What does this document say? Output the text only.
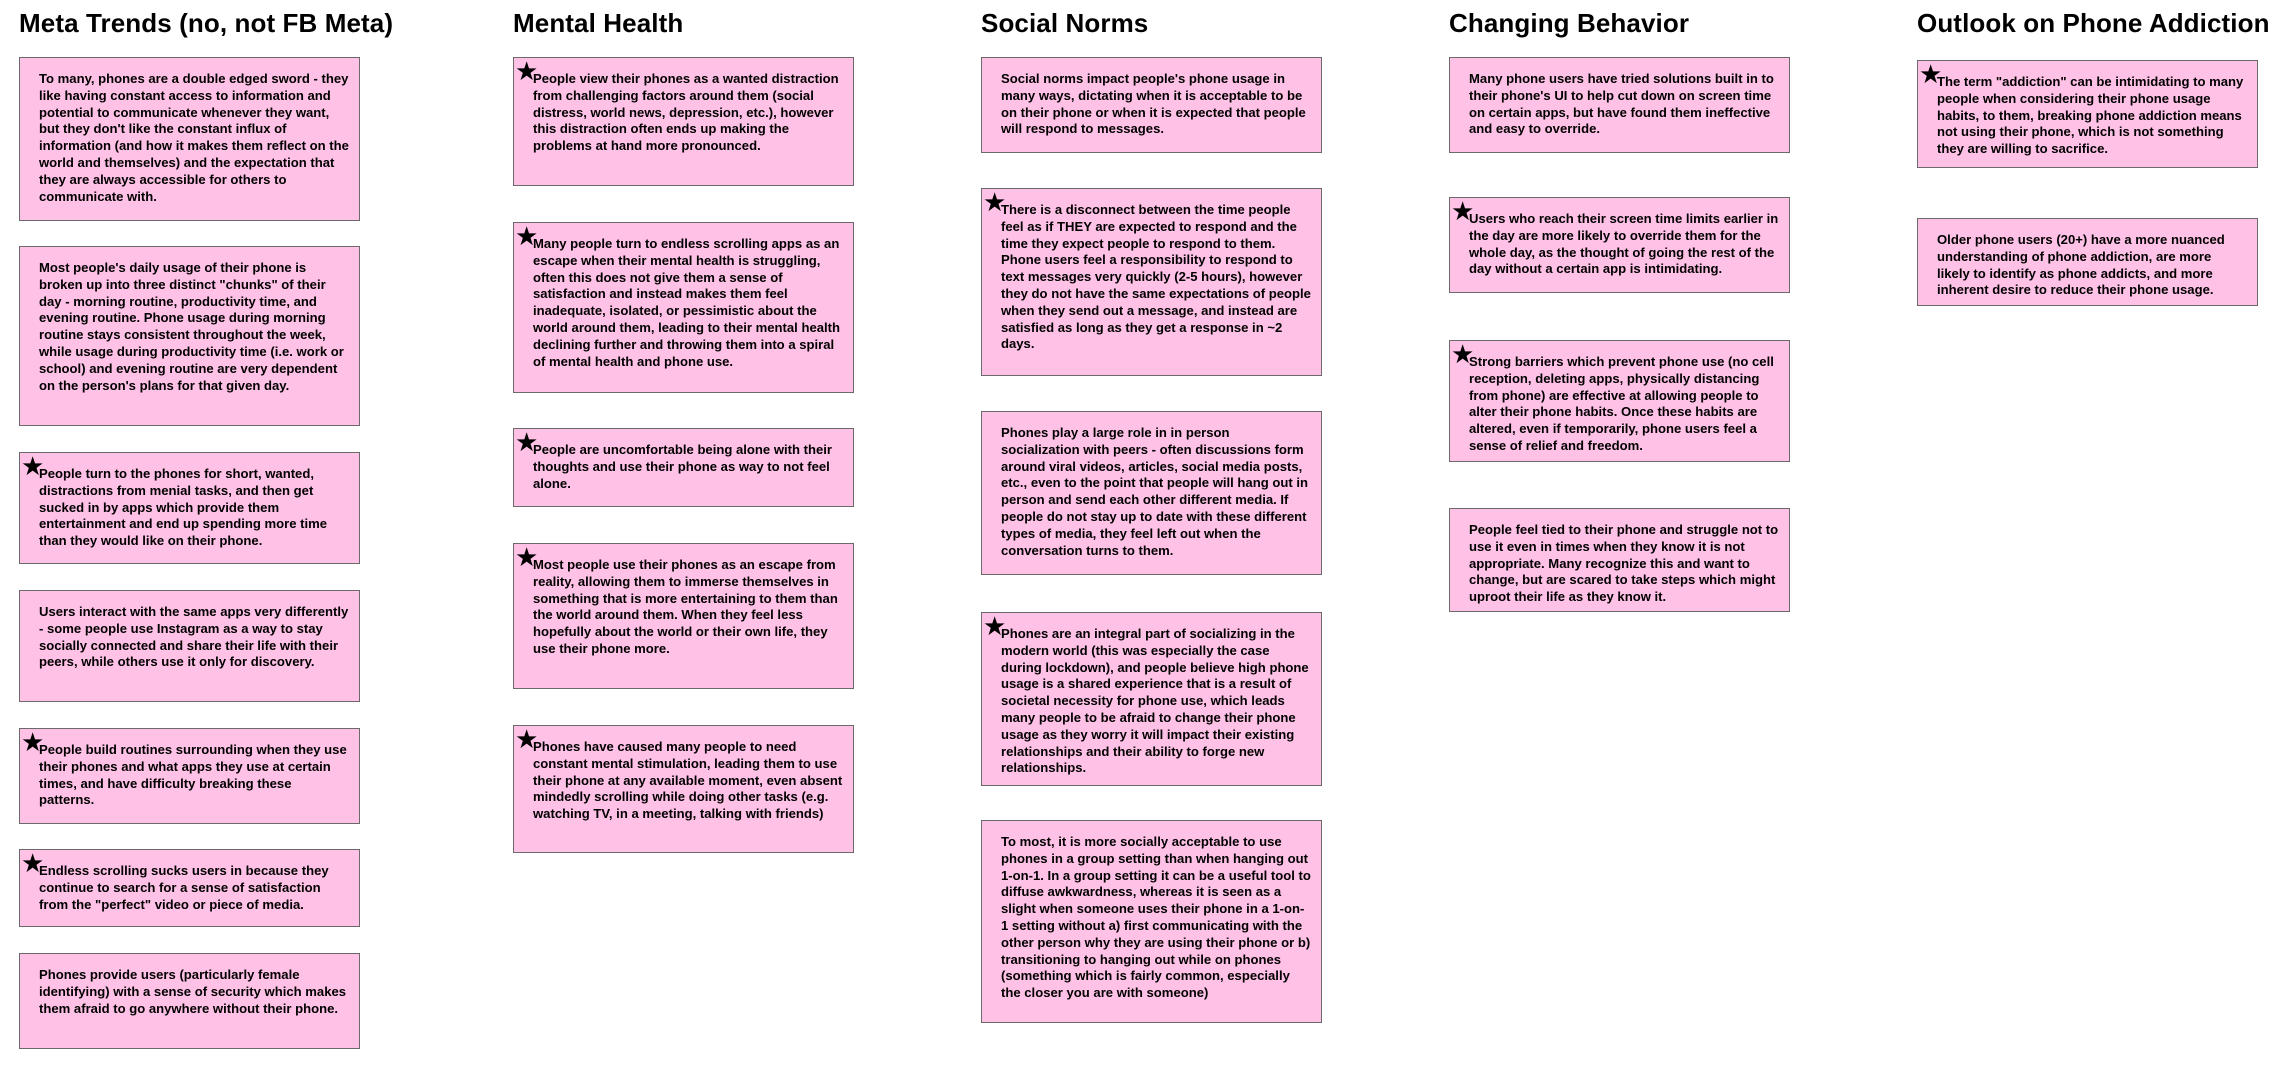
Meta Trends (no, not FB Meta)
To many, phones are a double edged sword - they like having constant access to information and potential to communicate whenever they want, but they don't like the constant influx of information (and how it makes them reflect on the world and themselves) and the expectation that they are always accessible for others to communicate with.
Most people's daily usage of their phone is broken up into three distinct "chunks" of their day - morning routine, productivity time, and evening routine. Phone usage during morning routine stays consistent throughout the week, while usage during productivity time (i.e. work or school) and evening routine are very dependent on the person's plans for that given day.
★
People turn to the phones for short, wanted, distractions from menial tasks, and then get sucked in by apps which provide them entertainment and end up spending more time than they would like on their phone.
Users interact with the same apps very differently - some people use Instagram as a way to stay socially connected and share their life with their peers, while others use it only for discovery.
★
People build routines surrounding when they use their phones and what apps they use at certain times, and have difficulty breaking these patterns.
★
Endless scrolling sucks users in because they continue to search for a sense of satisfaction from the "perfect" video or piece of media.
Phones provide users (particularly female identifying) with a sense of security which makes them afraid to go anywhere without their phone.
Mental Health
★
People view their phones as a wanted distraction from challenging factors around them (social distress, world news, depression, etc.), however this distraction often ends up making the problems at hand more pronounced.
★
Many people turn to endless scrolling apps as an escape when their mental health is struggling, often this does not give them a sense of satisfaction and instead makes them feel inadequate, isolated, or pessimistic about the world around them, leading to their mental health declining further and throwing them into a spiral of mental health and phone use.
★
People are uncomfortable being alone with their thoughts and use their phone as way to not feel alone.
★
Most people use their phones as an escape from reality, allowing them to immerse themselves in something that is more entertaining to them than the world around them. When they feel less hopefully about the world or their own life, they use their phone more.
★
Phones have caused many people to need constant mental stimulation, leading them to use their phone at any available moment, even absent mindedly scrolling while doing other tasks (e.g. watching TV, in a meeting, talking with friends)
Social Norms
Social norms impact people's phone usage in many ways, dictating when it is acceptable to be on their phone or when it is expected that people will respond to messages.
★
There is a disconnect between the time people feel as if THEY are expected to respond and the time they expect people to respond to them. Phone users feel a responsibility to respond to text messages very quickly (2-5 hours), however they do not have the same expectations of people when they send out a message, and instead are satisfied as long as they get a response in ~2 days.
Phones play a large role in in person socialization with peers - often discussions form around viral videos, articles, social media posts, etc., even to the point that people will hang out in person and send each other different media. If people do not stay up to date with these different types of media, they feel left out when the conversation turns to them.
★
Phones are an integral part of socializing in the modern world (this was especially the case during lockdown), and people believe high phone usage is a shared experience that is a result of societal necessity for phone use, which leads many people to be afraid to change their phone usage as they worry it will impact their existing relationships and their ability to forge new relationships.
To most, it is more socially acceptable to use phones in a group setting than when hanging out 1-on-1. In a group setting it can be a useful tool to diffuse awkwardness, whereas it is seen as a slight when someone uses their phone in a 1-on-1 setting without a) first communicating with the other person why they are using their phone or b) transitioning to hanging out while on phones (something which is fairly common, especially the closer you are with someone)
Changing Behavior
Many phone users have tried solutions built in to their phone's UI to help cut down on screen time on certain apps, but have found them ineffective and easy to override.
★
Users who reach their screen time limits earlier in the day are more likely to override them for the whole day, as the thought of going the rest of the day without a certain app is intimidating.
★
Strong barriers which prevent phone use (no cell reception, deleting apps, physically distancing from phone) are effective at allowing people to alter their phone habits. Once these habits are altered, even if temporarily, phone users feel a sense of relief and freedom.
People feel tied to their phone and struggle not to use it even in times when they know it is not appropriate. Many recognize this and want to change, but are scared to take steps which might uproot their life as they know it.
Outlook on Phone Addiction
★
The term "addiction" can be intimidating to many people when considering their phone usage habits, to them, breaking phone addiction means not using their phone, which is not something they are willing to sacrifice.
Older phone users (20+) have a more nuanced understanding of phone addiction, are more likely to identify as phone addicts, and more inherent desire to reduce their phone usage.
